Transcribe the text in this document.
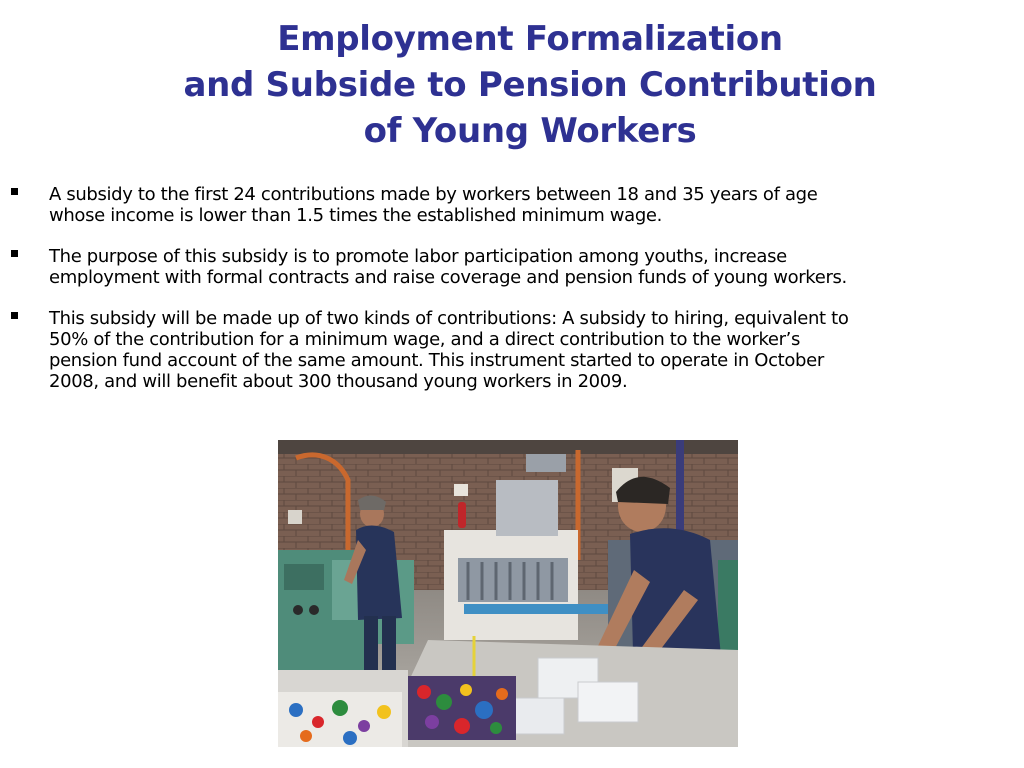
Employment Formalization
and Subside to Pension Contribution
of Young Workers
A subsidy to the first 24 contributions made by workers between 18 and 35 years of age
whose income is lower than 1.5 times the established minimum wage.
The purpose of this subsidy is to promote labor participation among youths, increase
employment with formal contracts and raise coverage and pension funds of young workers.
This subsidy will be made up of two kinds of contributions: A subsidy to hiring, equivalent to
50% of the contribution for a minimum wage, and a direct contribution to the worker’s
pension fund account of the same amount. This instrument started to operate in October
2008, and will benefit about 300 thousand young workers in 2009.
